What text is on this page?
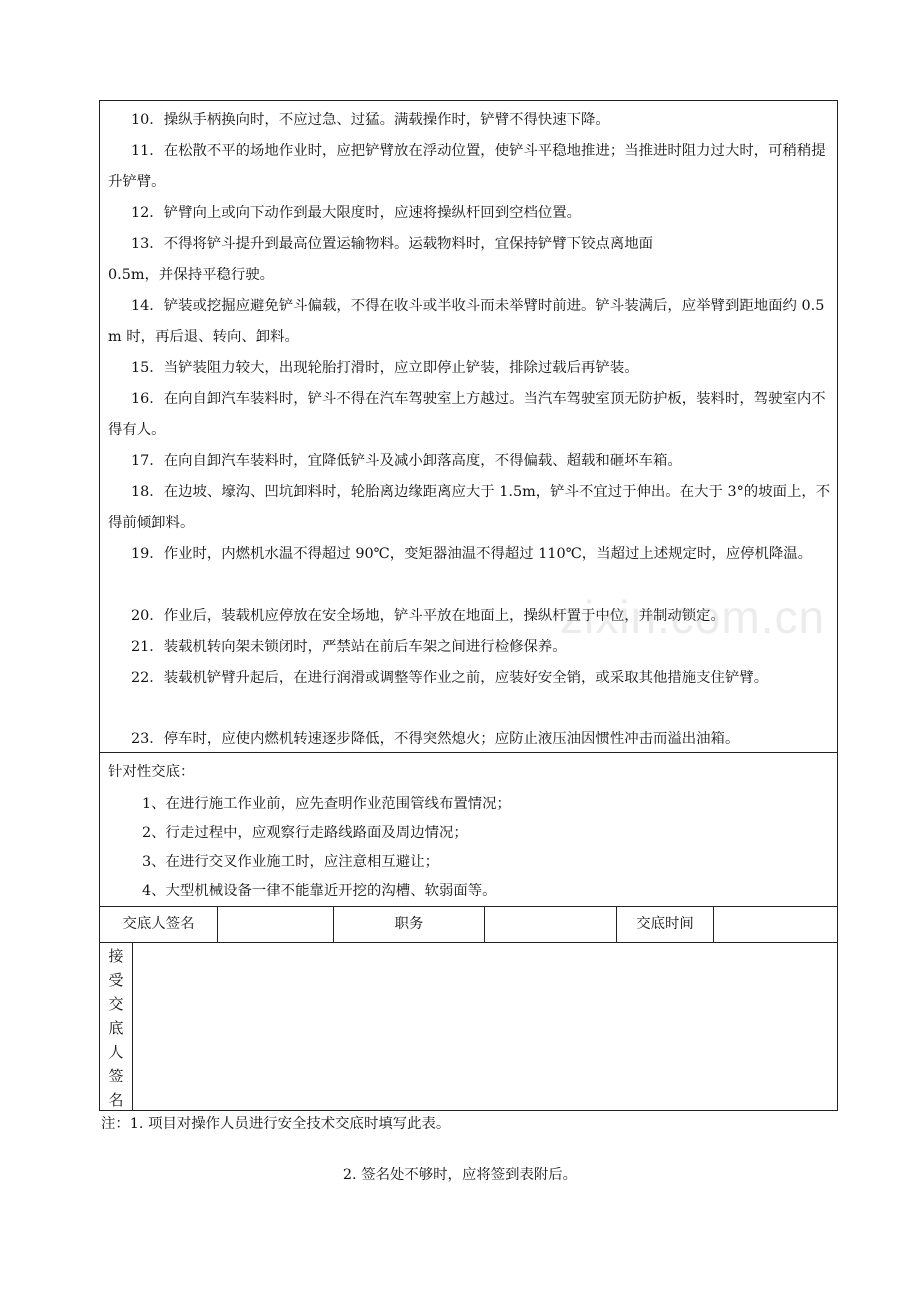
10．操纵手柄换向时，不应过急、过猛。满载操作时，铲臂不得快速下降。
11．在松散不平的场地作业时，应把铲臂放在浮动位置，使铲斗平稳地推进；当推进时阻力过大时，可稍稍提升铲臂。
12．铲臂向上或向下动作到最大限度时，应速将操纵杆回到空档位置。
13．不得将铲斗提升到最高位置运输物料。运载物料时，宜保持铲臂下铰点离地面
0.5m，并保持平稳行驶。
14．铲装或挖掘应避免铲斗偏载，不得在收斗或半收斗而未举臂时前进。铲斗装满后，应举臂到距地面约 0.5m 时，再后退、转向、卸料。
15．当铲装阻力较大，出现轮胎打滑时，应立即停止铲装，排除过载后再铲装。
16．在向自卸汽车装料时，铲斗不得在汽车驾驶室上方越过。当汽车驾驶室顶无防护板，装料时，驾驶室内不得有人。
17．在向自卸汽车装料时，宜降低铲斗及减小卸落高度，不得偏载、超载和砸坏车箱。
18．在边坡、壕沟、凹坑卸料时，轮胎离边缘距离应大于 1.5m，铲斗不宜过于伸出。在大于 3°的坡面上，不得前倾卸料。
19．作业时，内燃机水温不得超过 90℃，变矩器油温不得超过 110℃，当超过上述规定时，应停机降温。
20．作业后，装载机应停放在安全场地，铲斗平放在地面上，操纵杆置于中位，并制动锁定。
21．装载机转向架未锁闭时，严禁站在前后车架之间进行检修保养。
22．装载机铲臂升起后，在进行润滑或调整等作业之前，应装好安全销，或采取其他措施支住铲臂。
23．停车时，应使内燃机转速逐步降低，不得突然熄火；应防止液压油因惯性冲击而溢出油箱。
针对性交底：
1、在进行施工作业前，应先查明作业范围管线布置情况；
2、行走过程中，应观察行走路线路面及周边情况；
3、在进行交叉作业施工时，应注意相互避让；
4、大型机械设备一律不能靠近开挖的沟槽、软弱面等。
交底人签名	职务	交底时间
接
受
交
底
人
签
名
zixin.com.cn
注：1. 项目对操作人员进行安全技术交底时填写此表。
2. 签名处不够时，应将签到表附后。
